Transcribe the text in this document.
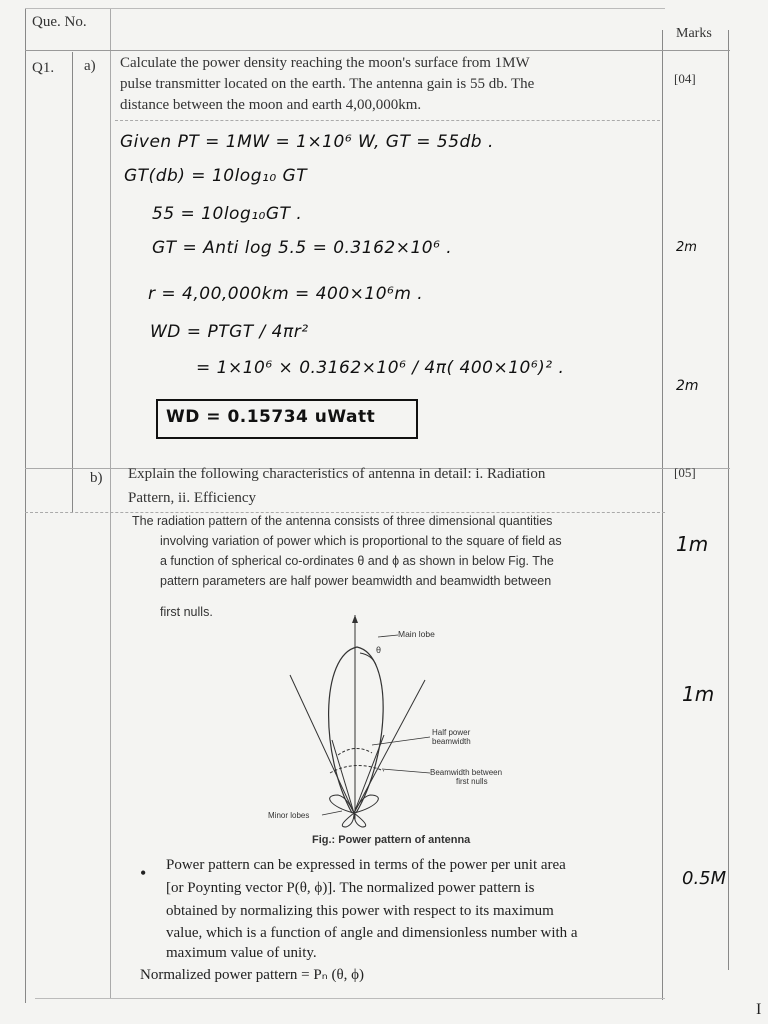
Que. No.
Marks
Q1. a) Calculate the power density reaching the moon's surface from 1MW
pulse transmitter located on the earth. The antenna gain is 55 db. The
distance between the moon and earth 4,00,000km.
[04]
Given PT = 1MW = 1×10⁶ W, GT = 55db .
GT(db) = 10log₁₀ GT
55 = 10log₁₀GT .
GT = Anti log 5.5 = 0.3162×10⁶ .
r = 4,00,000km = 400×10⁶m .
WD = PTGT / 4πr²
= 1×10⁶ × 0.3162×10⁶ / 4π( 400×10⁶)² .
WD = 0.15734 uWatt
2m
2m
b) Explain the following characteristics of antenna in detail: i. Radiation
Pattern, ii. Efficiency
[05]
The radiation pattern of the antenna consists of three dimensional quantities
involving variation of power which is proportional to the square of field as
a function of spherical co-ordinates θ and ϕ as shown in below Fig. The
pattern parameters are half power beamwidth and beamwidth between
first nulls.
Main lobe
θ
Half power
beamwidth
Beamwidth between
first nulls
Minor lobes
Fig.: Power pattern of antenna
• Power pattern can be expressed in terms of the power per unit area
[or Poynting vector P(θ, ϕ)]. The normalized power pattern is
obtained by normalizing this power with respect to its maximum
value, which is a function of angle and dimensionless number with a
maximum value of unity.
Normalized power pattern = Pₙ (θ, ϕ)
1m
1m
0.5M
I
